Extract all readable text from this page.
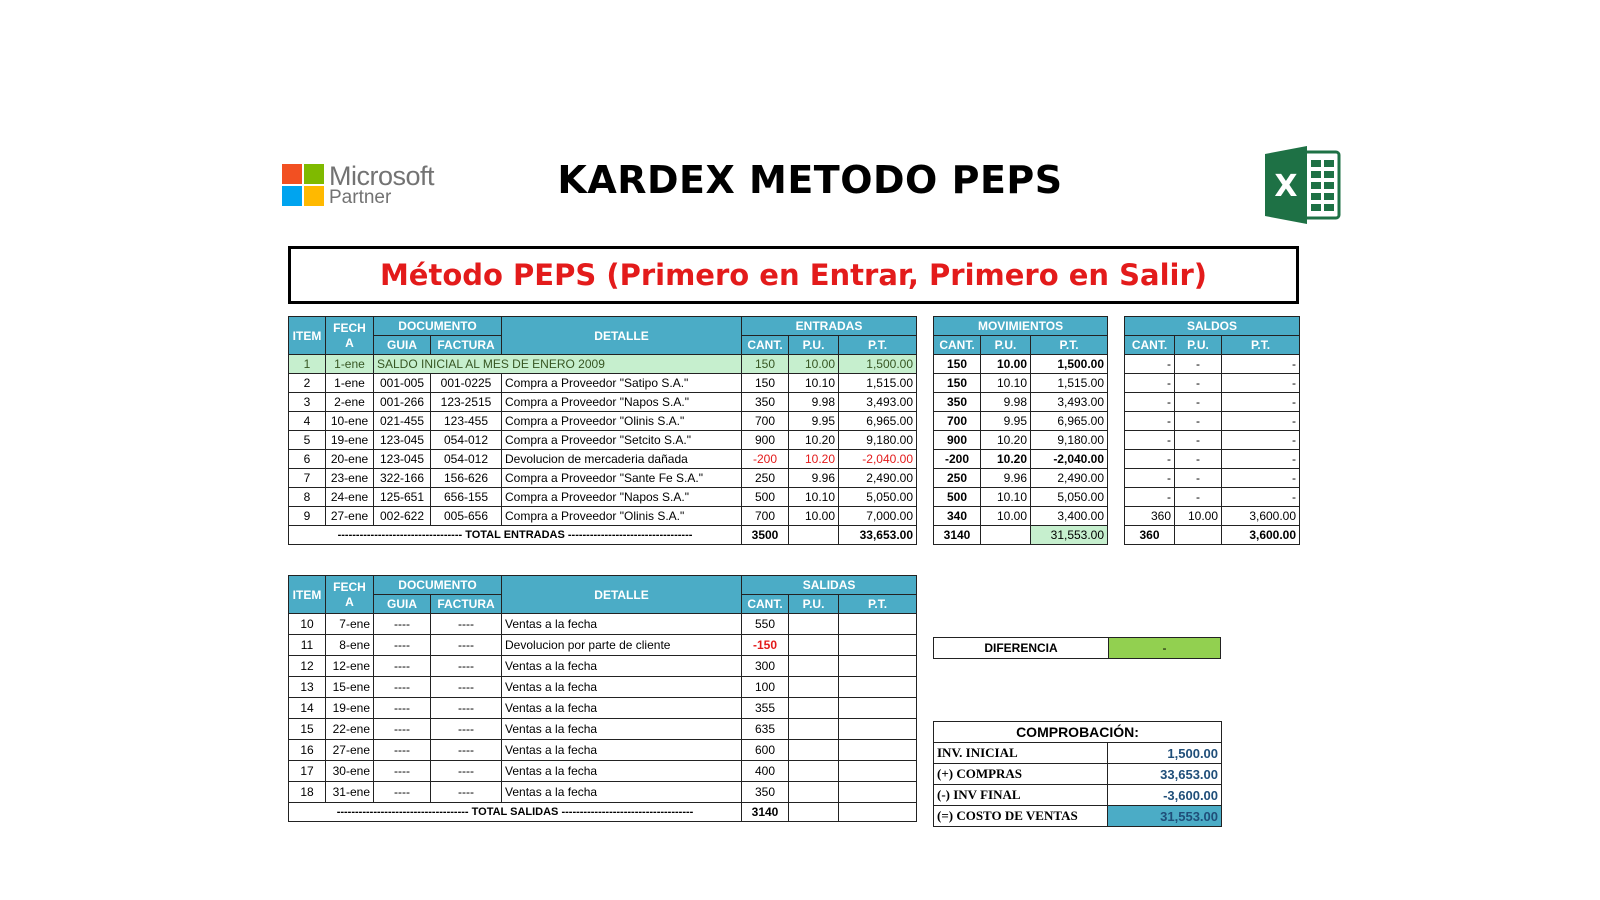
Microsoft
Partner	KARDEX METODO PEPS	X
Método PEPS (Primero en Entrar, Primero en Salir)
ITEM	FECH A	DOCUMENTO		DETALLE	ENTRADAS		
		GUIA	FACTURA		CANT.	P.U.	P.T.
1	1-ene	SALDO INICIAL AL MES DE ENERO 2009			150	10.00	1,500.00
2	1-ene	001-005	001-0225	Compra a Proveedor "Satipo S.A."	150	10.10	1,515.00
3	2-ene	001-266	123-2515	Compra a Proveedor "Napos S.A."	350	9.98	3,493.00
4	10-ene	021-455	123-455	Compra a Proveedor "Olinis S.A."	700	9.95	6,965.00
5	19-ene	123-045	054-012	Compra a Proveedor "Setcito S.A."	900	10.20	9,180.00
6	20-ene	123-045	054-012	Devolucion de mercaderia dañada	-200	10.20	-2,040.00
7	23-ene	322-166	156-626	Compra a Proveedor "Sante Fe S.A."	250	9.96	2,490.00
8	24-ene	125-651	656-155	Compra a Proveedor "Napos S.A."	500	10.10	5,050.00
9	27-ene	002-622	005-656	Compra a Proveedor "Olinis S.A."	700	10.00	7,000.00
---------------------------------- TOTAL ENTRADAS ----------------------------------					3500		33,653.00
MOVIMIENTOS		
CANT.	P.U.	P.T.
150	10.00	1,500.00
150	10.10	1,515.00
350	9.98	3,493.00
700	9.95	6,965.00
900	10.20	9,180.00
-200	10.20	-2,040.00
250	9.96	2,490.00
500	10.10	5,050.00
340	10.00	3,400.00
3140		31,553.00
SALDOS		
CANT.	P.U.	P.T.
-	-	-
-	-	-
-	-	-
-	-	-
-	-	-
-	-	-
-	-	-
-	-	-
360	10.00	3,600.00
360		3,600.00
ITEM	FECH A	DOCUMENTO		DETALLE	SALIDAS		
		GUIA	FACTURA		CANT.	P.U.	P.T.
10	7-ene	----	----	Ventas a la fecha	550		
11	8-ene	----	----	Devolucion por parte de cliente	-150		
12	12-ene	----	----	Ventas a la fecha	300		
13	15-ene	----	----	Ventas a la fecha	100		
14	19-ene	----	----	Ventas a la fecha	355		
15	22-ene	----	----	Ventas a la fecha	635		
16	27-ene	----	----	Ventas a la fecha	600		
17	30-ene	----	----	Ventas a la fecha	400		
18	31-ene	----	----	Ventas a la fecha	350		
------------------------------------ TOTAL SALIDAS ------------------------------------					3140		
DIFERENCIA	-
COMPROBACIÓN:	
INV. INICIAL	1,500.00
(+) COMPRAS	33,653.00
(-) INV FINAL	-3,600.00
(=) COSTO DE VENTAS	31,553.00
